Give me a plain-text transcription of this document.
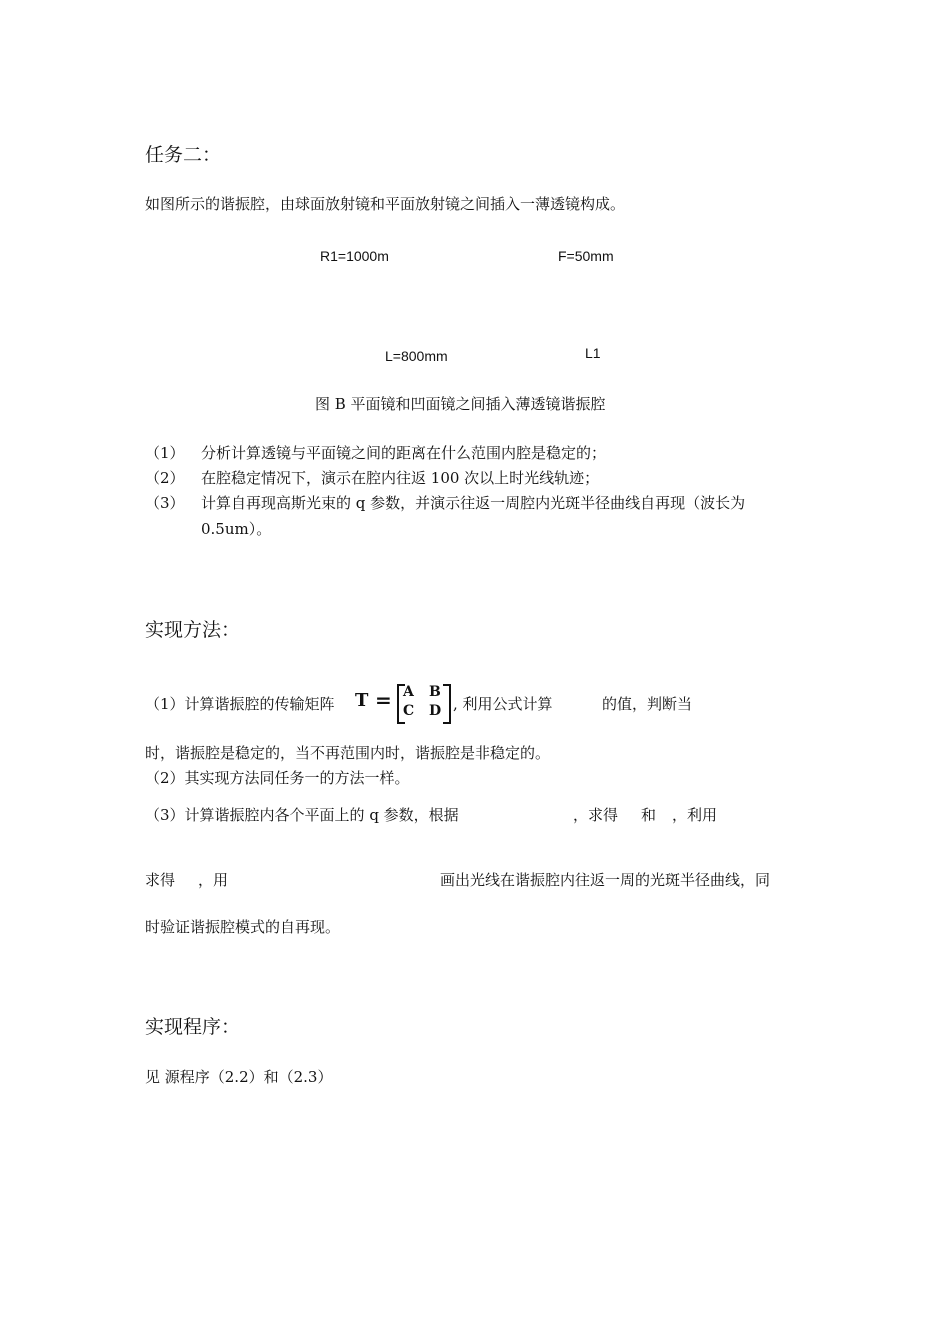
任务二：
如图所示的谐振腔，由球面放射镜和平面放射镜之间插入一薄透镜构成。
R1=1000m	F=50mm
L=800mm	L1
图 B 平面镜和凹面镜之间插入薄透镜谐振腔
（1）	分析计算透镜与平面镜之间的距离在什么范围内腔是稳定的；
（2）	在腔稳定情况下，演示在腔内往返 100 次以上时光线轨迹；
（3）	计算自再现高斯光束的 q 参数，并演示往返一周腔内光斑半径曲线自再现（波长为
0.5um）。
实现方法：
（1）计算谐振腔的传输矩阵 T = A B
C D , 利用公式计算	的值，判断当
时，谐振腔是稳定的，当不再范围内时，谐振腔是非稳定的。
（2）其实现方法同任务一的方法一样。
（3）计算谐振腔内各个平面上的 q 参数，根据	，求得 和 ，利用
求得 ，用	画出光线在谐振腔内往返一周的光斑半径曲线，同
时验证谐振腔模式的自再现。
实现程序：
见 源程序（2.2）和（2.3）
